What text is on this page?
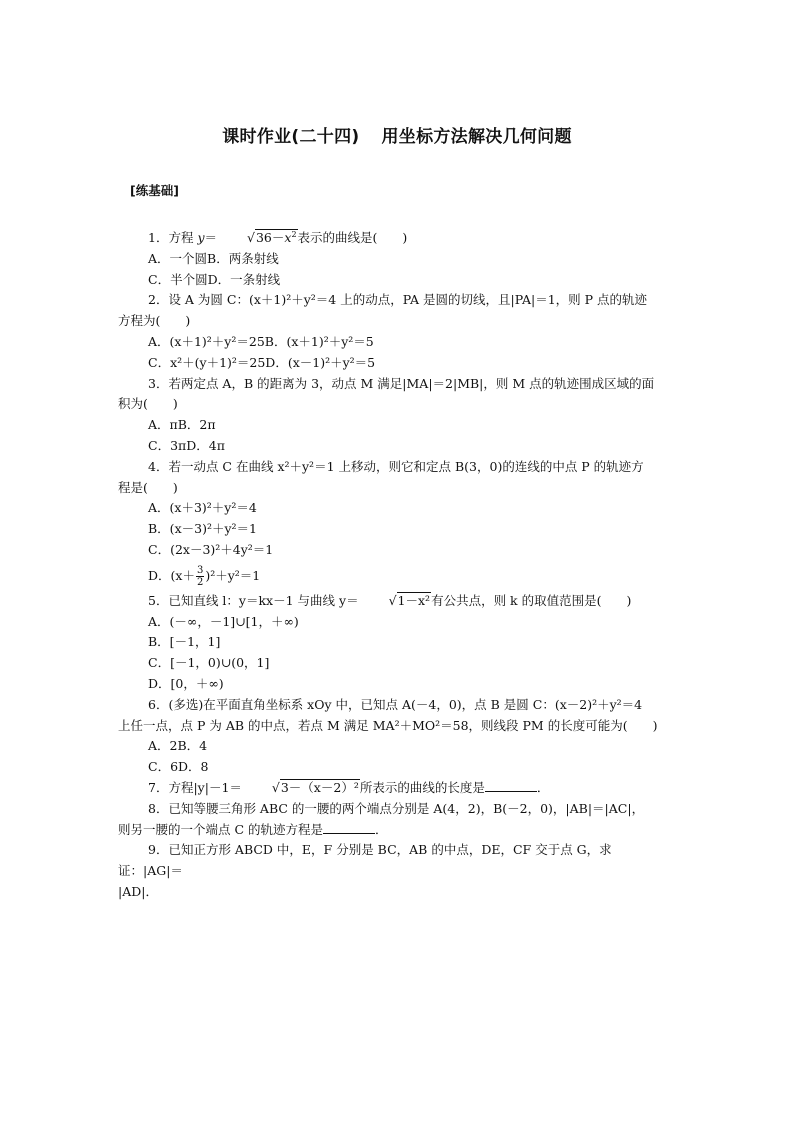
课时作业(二十四) 用坐标方法解决几何问题
[练基础]

1．方程 $y= √36-x^2$表示的曲线是(　　)

A．一个圆B．两条射线

C．半个圆D．一条射线

2．设 A 为圆 C：(x＋1)²＋y²＝4 上的动点，PA 是圆的切线，且|PA|＝1，则 P 点的轨迹

方程为(　　)

A．(x＋1)²＋y²＝25B．(x＋1)²＋y²＝5

C．x²＋(y＋1)²＝25D．(x－1)²＋y²＝5

3．若两定点 A，B 的距离为 3，动点 M 满足|MA|＝2|MB|，则 M 点的轨迹围成区域的面

积为(　　)

A．πB．2π

C．3πD．4π

4．若一动点 C 在曲线 x²＋y²＝1 上移动，则它和定点 B(3，0)的连线的中点 P 的轨迹方

程是(　　)

A．(x＋3)²＋y²＝4

B．(x－3)²＋y²＝1

C．(2x－3)²＋4y²＝1

D．$(x+ \frac{3}{2} )^2+y^2=1$

5．已知直线 l：y＝kx－1 与曲线 y＝ √1－x²有公共点，则 k 的取值范围是(　　)

A．(－∞，－1]∪[1，＋∞)

B．[－1，1]

C．[－1，0)∪(0，1]

D．[0，＋∞)

6．(多选)在平面直角坐标系 xOy 中，已知点 A(－4，0)，点 B 是圆 C：(x－2)²＋y²＝4

上任一点，点 P 为 AB 的中点，若点 M 满足 MA²＋MO²＝58，则线段 PM 的长度可能为(　　)

A．2B．4

C．6D．8

7．方程|y|－1＝ √3－（x－2）²所表示的曲线的长度是	．

8．已知等腰三角形 ABC 的一腰的两个端点分别是 A(4，2)，B(－2，0)，|AB|＝|AC|，

则另一腰的一个端点 C 的轨迹方程是	．

9．已知正方形 ABCD 中，E，F 分别是 BC，AB 的中点，DE，CF 交于点 G，求证：|AG|＝

|AD|．
